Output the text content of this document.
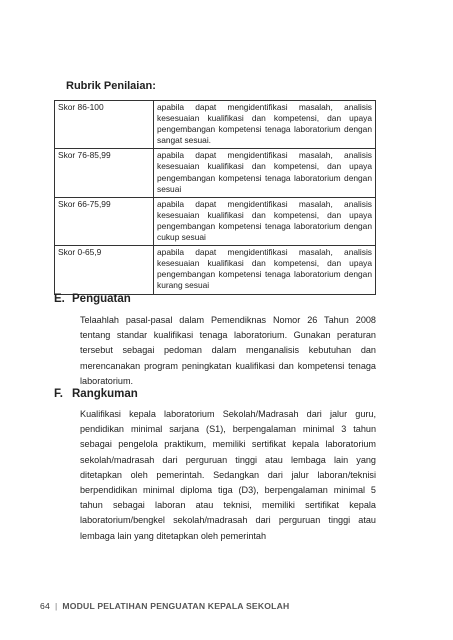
Rubrik Penilaian:
Skor 86-100	apabila dapat mengidentifikasi masalah, analisis kesesuaian kualifikasi dan kompetensi, dan upaya pengembangan kompetensi tenaga laboratorium dengan sangat sesuai.
Skor 76-85,99	apabila dapat mengidentifikasi masalah, analisis kesesuaian kualifikasi dan kompetensi, dan upaya pengembangan kompetensi tenaga laboratorium dengan sesuai
Skor 66-75,99	apabila dapat mengidentifikasi masalah, analisis kesesuaian kualifikasi dan kompetensi, dan upaya pengembangan kompetensi tenaga laboratorium dengan cukup sesuai
Skor 0-65,9	apabila dapat mengidentifikasi masalah, analisis kesesuaian kualifikasi dan kompetensi, dan upaya pengembangan kompetensi tenaga laboratorium dengan kurang sesuai
E. Penguatan
Telaahlah pasal-pasal dalam Pemendiknas Nomor 26 Tahun 2008 tentang standar kualifikasi tenaga laboratorium. Gunakan peraturan tersebut sebagai pedoman dalam menganalisis kebutuhan dan merencanakan program peningkatan kualifikasi dan kompetensi tenaga laboratorium.
F. Rangkuman
Kualifikasi kepala laboratorium Sekolah/Madrasah dari jalur guru, pendidikan minimal sarjana (S1), berpengalaman minimal 3 tahun sebagai pengelola praktikum, memiliki sertifikat kepala laboratorium sekolah/madrasah dari perguruan tinggi atau lembaga lain yang ditetapkan oleh pemerintah. Sedangkan dari jalur laboran/teknisi berpendidikan minimal diploma tiga (D3), berpengalaman minimal 5 tahun sebagai laboran atau teknisi, memiliki sertifikat kepala laboratorium/bengkel sekolah/madrasah dari perguruan tinggi atau lembaga lain yang ditetapkan oleh pemerintah
64 | MODUL PELATIHAN PENGUATAN KEPALA SEKOLAH
